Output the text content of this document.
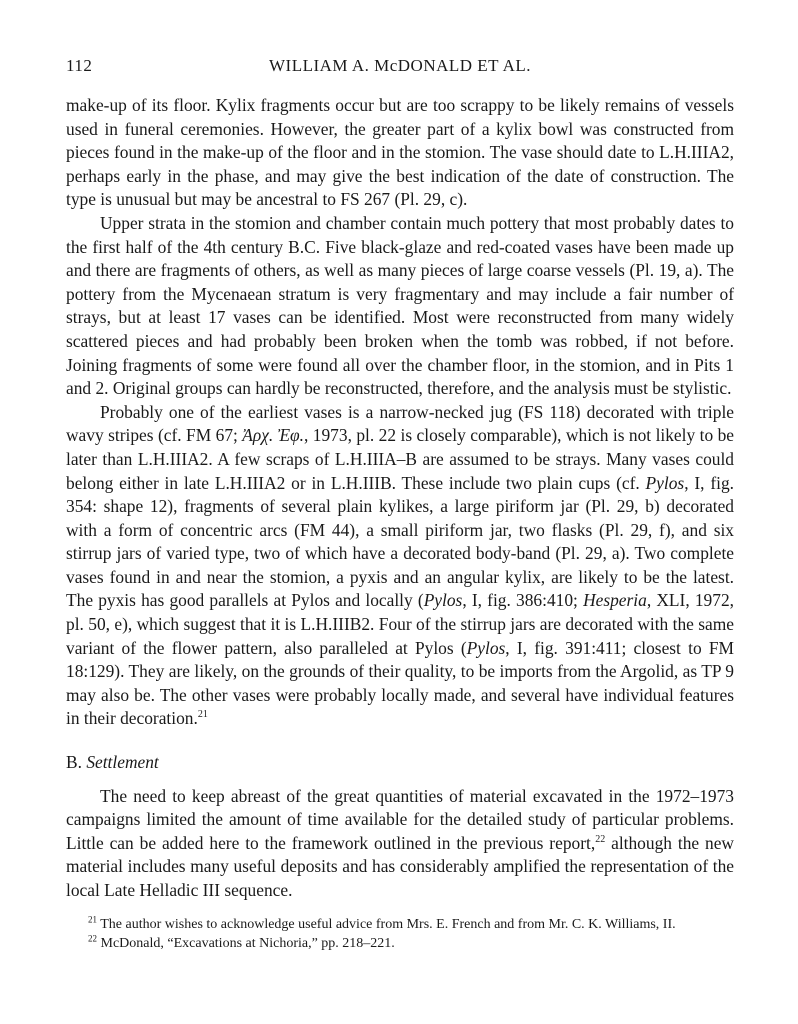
112	WILLIAM A. McDONALD ET AL.

make-up of its floor. Kylix fragments occur but are too scrappy to be likely remains of vessels used in funeral ceremonies. However, the greater part of a kylix bowl was constructed from pieces found in the make-up of the floor and in the stomion. The vase should date to L.H.IIIA2, perhaps early in the phase, and may give the best indication of the date of construction. The type is unusual but may be ancestral to FS 267 (Pl. 29, c).

Upper strata in the stomion and chamber contain much pottery that most probably dates to the first half of the 4th century B.C. Five black-glaze and red-coated vases have been made up and there are fragments of others, as well as many pieces of large coarse vessels (Pl. 19, a). The pottery from the Mycenaean stratum is very fragmentary and may include a fair number of strays, but at least 17 vases can be identified. Most were reconstructed from many widely scattered pieces and had probably been broken when the tomb was robbed, if not before. Joining fragments of some were found all over the chamber floor, in the stomion, and in Pits 1 and 2. Original groups can hardly be reconstructed, therefore, and the analysis must be stylistic.

Probably one of the earliest vases is a narrow-necked jug (FS 118) decorated with triple wavy stripes (cf. FM 67; Ἀρχ. Ἐφ., 1973, pl. 22 is closely comparable), which is not likely to be later than L.H.IIIA2. A few scraps of L.H.IIIA–B are assumed to be strays. Many vases could belong either in late L.H.IIIA2 or in L.H.IIIB. These include two plain cups (cf. Pylos, I, fig. 354: shape 12), fragments of several plain kylikes, a large piriform jar (Pl. 29, b) decorated with a form of concentric arcs (FM 44), a small piriform jar, two flasks (Pl. 29, f), and six stirrup jars of varied type, two of which have a decorated body-band (Pl. 29, a). Two complete vases found in and near the stomion, a pyxis and an angular kylix, are likely to be the latest. The pyxis has good parallels at Pylos and locally (Pylos, I, fig. 386:410; Hesperia, XLI, 1972, pl. 50, e), which suggest that it is L.H.IIIB2. Four of the stirrup jars are decorated with the same variant of the flower pattern, also paralleled at Pylos (Pylos, I, fig. 391:411; closest to FM 18:129). They are likely, on the grounds of their quality, to be imports from the Argolid, as TP 9 may also be. The other vases were probably locally made, and several have individual features in their decoration.$^{21}$

B. Settlement

The need to keep abreast of the great quantities of material excavated in the 1972–1973 campaigns limited the amount of time available for the detailed study of particular problems. Little can be added here to the framework outlined in the previous report,$^{22}$ although the new material includes many useful deposits and has considerably amplified the representation of the local Late Helladic III sequence.

$^{21}$ The author wishes to acknowledge useful advice from Mrs. E. French and from Mr. C. K. Williams, II.

$^{22}$ McDonald, “Excavations at Nichoria,” pp. 218–221.
